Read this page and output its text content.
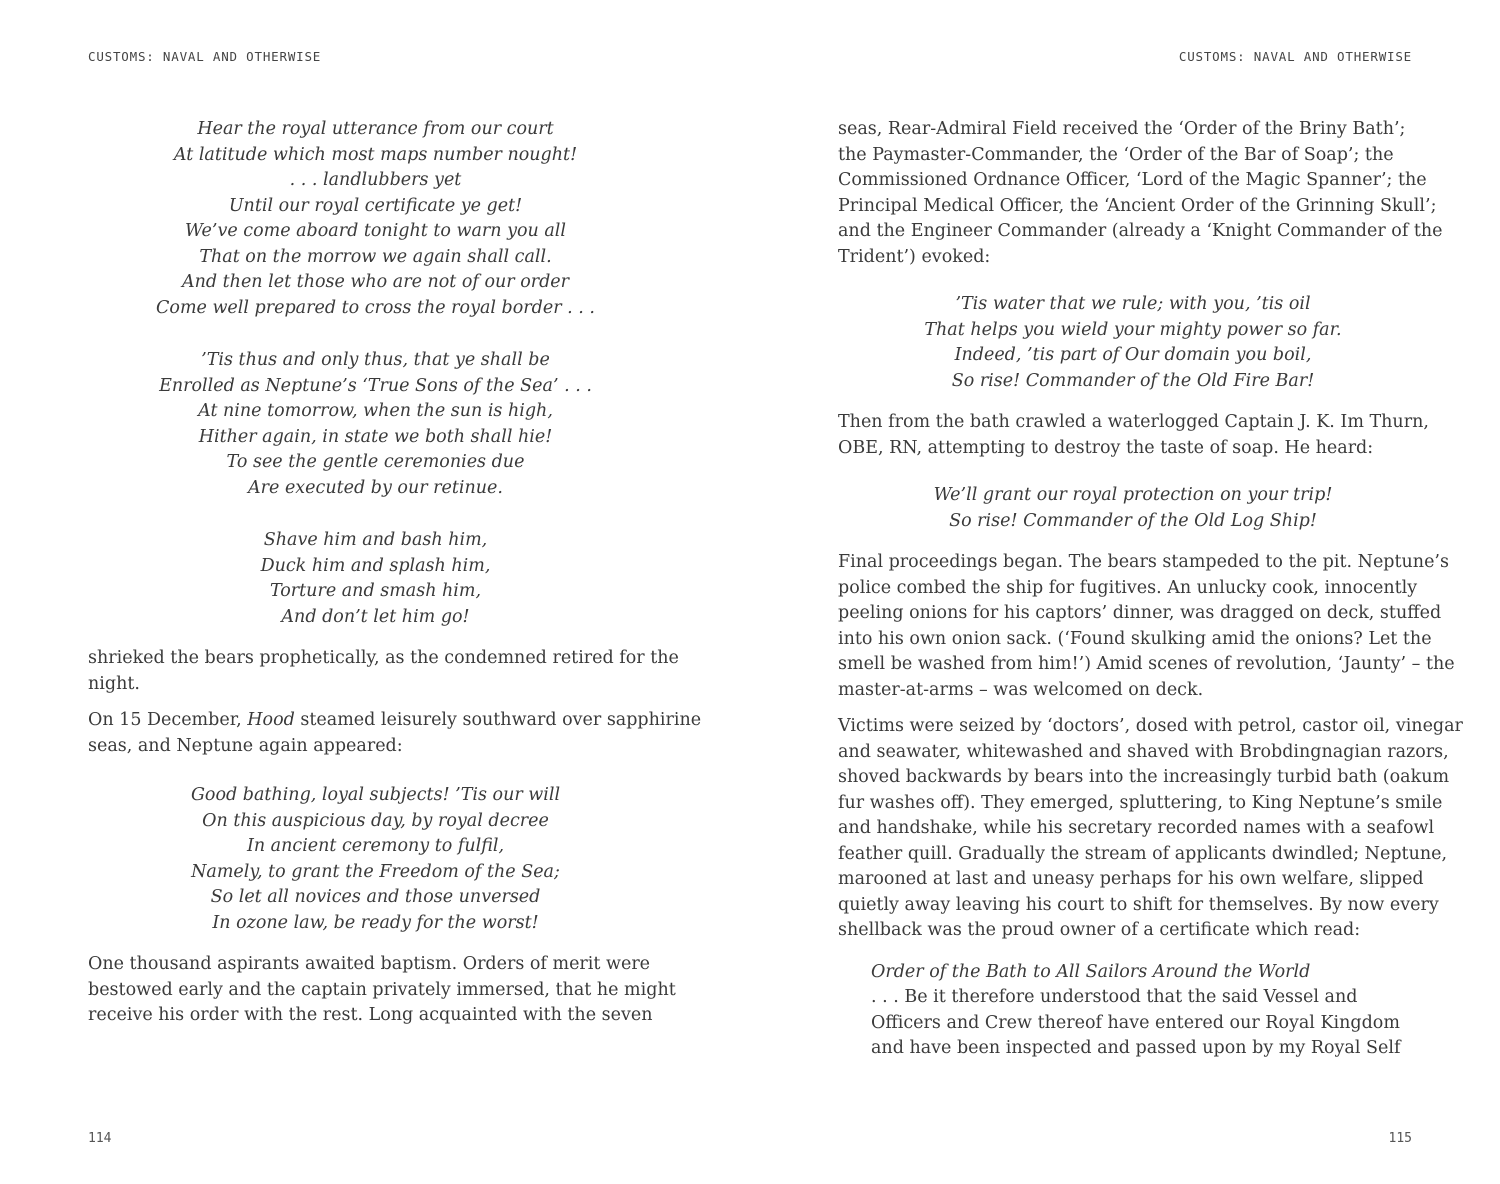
CUSTOMS: NAVAL AND OTHERWISE
Hear the royal utterance from our court
At latitude which most maps number nought!
. . . landlubbers yet
Until our royal certificate ye get!
We’ve come aboard tonight to warn you all
That on the morrow we again shall call.
And then let those who are not of our order
Come well prepared to cross the royal border . . .
’Tis thus and only thus, that ye shall be
Enrolled as Neptune’s ‘True Sons of the Sea’ . . .
At nine tomorrow, when the sun is high,
Hither again, in state we both shall hie!
To see the gentle ceremonies due
Are executed by our retinue.
Shave him and bash him,
Duck him and splash him,
Torture and smash him,
And don’t let him go!
shrieked the bears prophetically, as the condemned retired for the
night.
On 15 December, Hood steamed leisurely southward over sapphirine
seas, and Neptune again appeared:
Good bathing, loyal subjects! ’Tis our will
On this auspicious day, by royal decree
In ancient ceremony to fulfil,
Namely, to grant the Freedom of the Sea;
So let all novices and those unversed
In ozone law, be ready for the worst!
One thousand aspirants awaited baptism. Orders of merit were
bestowed early and the captain privately immersed, that he might
receive his order with the rest. Long acquainted with the seven
114
CUSTOMS: NAVAL AND OTHERWISE
seas, Rear-Admiral Field received the ‘Order of the Briny Bath’;
the Paymaster-Commander, the ‘Order of the Bar of Soap’; the
Commissioned Ordnance Officer, ‘Lord of the Magic Spanner’; the
Principal Medical Officer, the ‘Ancient Order of the Grinning Skull’;
and the Engineer Commander (already a ‘Knight Commander of the
Trident’) evoked:
’Tis water that we rule; with you, ’tis oil
That helps you wield your mighty power so far.
Indeed, ’tis part of Our domain you boil,
So rise! Commander of the Old Fire Bar!
Then from the bath crawled a waterlogged Captain J. K. Im Thurn,
OBE, RN, attempting to destroy the taste of soap. He heard:
We’ll grant our royal protection on your trip!
So rise! Commander of the Old Log Ship!
Final proceedings began. The bears stampeded to the pit. Neptune’s
police combed the ship for fugitives. An unlucky cook, innocently
peeling onions for his captors’ dinner, was dragged on deck, stuffed
into his own onion sack. (‘Found skulking amid the onions? Let the
smell be washed from him!’) Amid scenes of revolution, ‘Jaunty’ – the
master-at-arms – was welcomed on deck.
Victims were seized by ‘doctors’, dosed with petrol, castor oil, vinegar
and seawater, whitewashed and shaved with Brobdingnagian razors,
shoved backwards by bears into the increasingly turbid bath (oakum
fur washes off). They emerged, spluttering, to King Neptune’s smile
and handshake, while his secretary recorded names with a seafowl
feather quill. Gradually the stream of applicants dwindled; Neptune,
marooned at last and uneasy perhaps for his own welfare, slipped
quietly away leaving his court to shift for themselves. By now every
shellback was the proud owner of a certificate which read:
Order of the Bath to All Sailors Around the World
. . . Be it therefore understood that the said Vessel and
Officers and Crew thereof have entered our Royal Kingdom
and have been inspected and passed upon by my Royal Self
115
